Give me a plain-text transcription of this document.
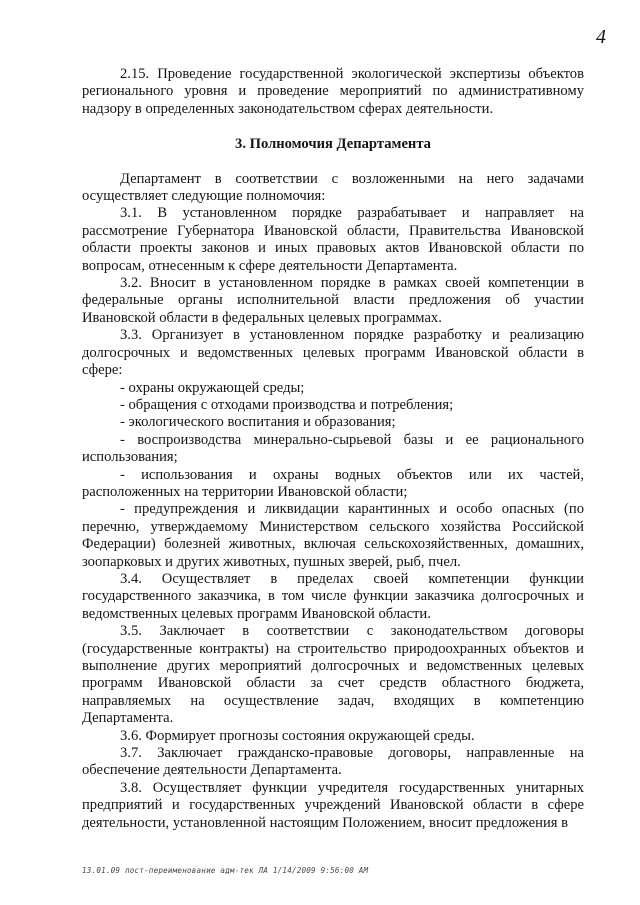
4

2.15. Проведение государственной экологической экспертизы объектов регионального уровня и проведение мероприятий по административному надзору в определенных законодательством сферах деятельности.

3. Полномочия Департамента

Департамент в соответствии с возложенными на него задачами осуществляет следующие полномочия:

3.1. В установленном порядке разрабатывает и направляет на рассмотрение Губернатора Ивановской области, Правительства Ивановской области проекты законов и иных правовых актов Ивановской области по вопросам, отнесенным к сфере деятельности Департамента.

3.2. Вносит в установленном порядке в рамках своей компетенции в федеральные органы исполнительной власти предложения об участии Ивановской области в федеральных целевых программах.

3.3. Организует в установленном порядке разработку и реализацию долгосрочных и ведомственных целевых программ Ивановской области в сфере:

- охраны окружающей среды;

- обращения с отходами производства и потребления;

- экологического воспитания и образования;

- воспроизводства минерально-сырьевой базы и ее рационального использования;

- использования и охраны водных объектов или их частей, расположенных на территории Ивановской области;

- предупреждения и ликвидации карантинных и особо опасных (по перечню, утверждаемому Министерством сельского хозяйства Российской Федерации) болезней животных, включая сельскохозяйственных, домашних, зоопарковых и других животных, пушных зверей, рыб, пчел.

3.4. Осуществляет в пределах своей компетенции функции государственного заказчика, в том числе функции заказчика долгосрочных и ведомственных целевых программ Ивановской области.

3.5. Заключает в соответствии с законодательством договоры (государственные контракты) на строительство природоохранных объектов и выполнение других мероприятий долгосрочных и ведомственных целевых программ Ивановской области за счет средств областного бюджета, направляемых на осуществление задач, входящих в компетенцию Департамента.

3.6. Формирует прогнозы состояния окружающей среды.

3.7. Заключает гражданско-правовые договоры, направленные на обеспечение деятельности Департамента.

3.8. Осуществляет функции учредителя государственных унитарных предприятий и государственных учреждений Ивановской области в сфере деятельности, установленной настоящим Положением, вносит предложения в

13.01.09 пост-переименование адм-тек ЛА 1/14/2009 9:56:00 AM
